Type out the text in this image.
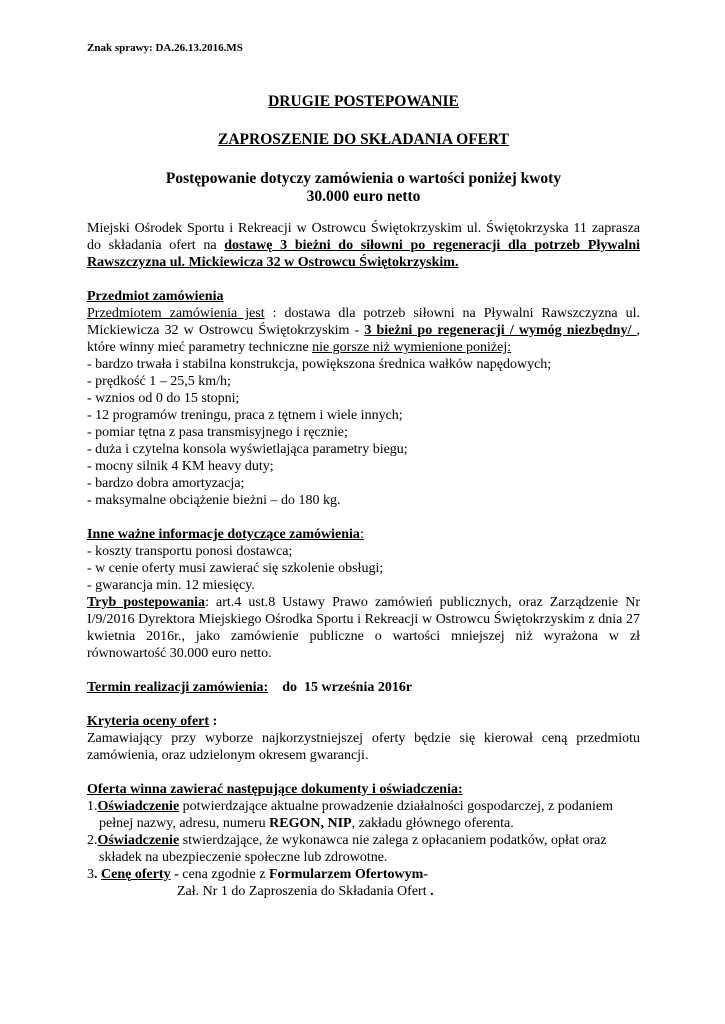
Znak sprawy: DA.26.13.2016.MS
DRUGIE POSTEPOWANIE
ZAPROSZENIE DO SKŁADANIA OFERT
Postępowanie dotyczy zamówienia o wartości poniżej kwoty
30.000 euro netto
Miejski Ośrodek Sportu i Rekreacji w Ostrowcu Świętokrzyskim ul. Świętokrzyska 11 zaprasza do składania ofert na dostawę 3 bieżni do siłowni po regeneracji dla potrzeb Pływalni Rawszczyzna ul. Mickiewicza 32 w Ostrowcu Świętokrzyskim.
Przedmiot zamówienia
Przedmiotem zamówienia jest : dostawa dla potrzeb siłowni na Pływalni Rawszczyzna ul. Mickiewicza 32 w Ostrowcu Świętokrzyskim - 3 bieżni po regeneracji / wymóg niezbędny/ , które winny mieć parametry techniczne nie gorsze niż wymienione poniżej:
- bardzo trwała i stabilna konstrukcja, powiększona średnica wałków napędowych;
- prędkość 1 – 25,5 km/h;
- wznios od 0 do 15 stopni;
- 12 programów treningu, praca z tętnem i wiele innych;
- pomiar tętna z pasa transmisyjnego i ręcznie;
- duża i czytelna konsola wyświetlająca parametry biegu;
- mocny silnik 4 KM heavy duty;
- bardzo dobra amortyzacja;
- maksymalne obciążenie bieżni – do 180 kg.
Inne ważne informacje dotyczące zamówienia:
- koszty transportu ponosi dostawca;
- w cenie oferty musi zawierać się szkolenie obsługi;
- gwarancja min. 12 miesięcy.
Tryb postepowania: art.4 ust.8 Ustawy Prawo zamówień publicznych, oraz Zarządzenie Nr I/9/2016 Dyrektora Miejskiego Ośrodka Sportu i Rekreacji w Ostrowcu Świętokrzyskim z dnia 27 kwietnia 2016r., jako zamówienie publiczne o wartości mniejszej niż wyrażona w zł równowartość 30.000 euro netto.
Termin realizacji zamówienia:    do  15 września 2016r
Kryteria oceny ofert :
Zamawiający przy wyborze najkorzystniejszej oferty będzie się kierował ceną przedmiotu zamówienia, oraz udzielonym okresem gwarancji.
Oferta winna zawierać następujące dokumenty i oświadczenia:
1.Oświadczenie potwierdzające aktualne prowadzenie działalności gospodarczej, z podaniem
pełnej nazwy, adresu, numeru REGON, NIP, zakładu głównego oferenta.
2.Oświadczenie stwierdzające, że wykonawca nie zalega z opłacaniem podatków, opłat oraz
składek na ubezpieczenie społeczne lub zdrowotne.
3. Cenę oferty - cena zgodnie z Formularzem Ofertowym-
Zał. Nr 1 do Zaproszenia do Składania Ofert .
